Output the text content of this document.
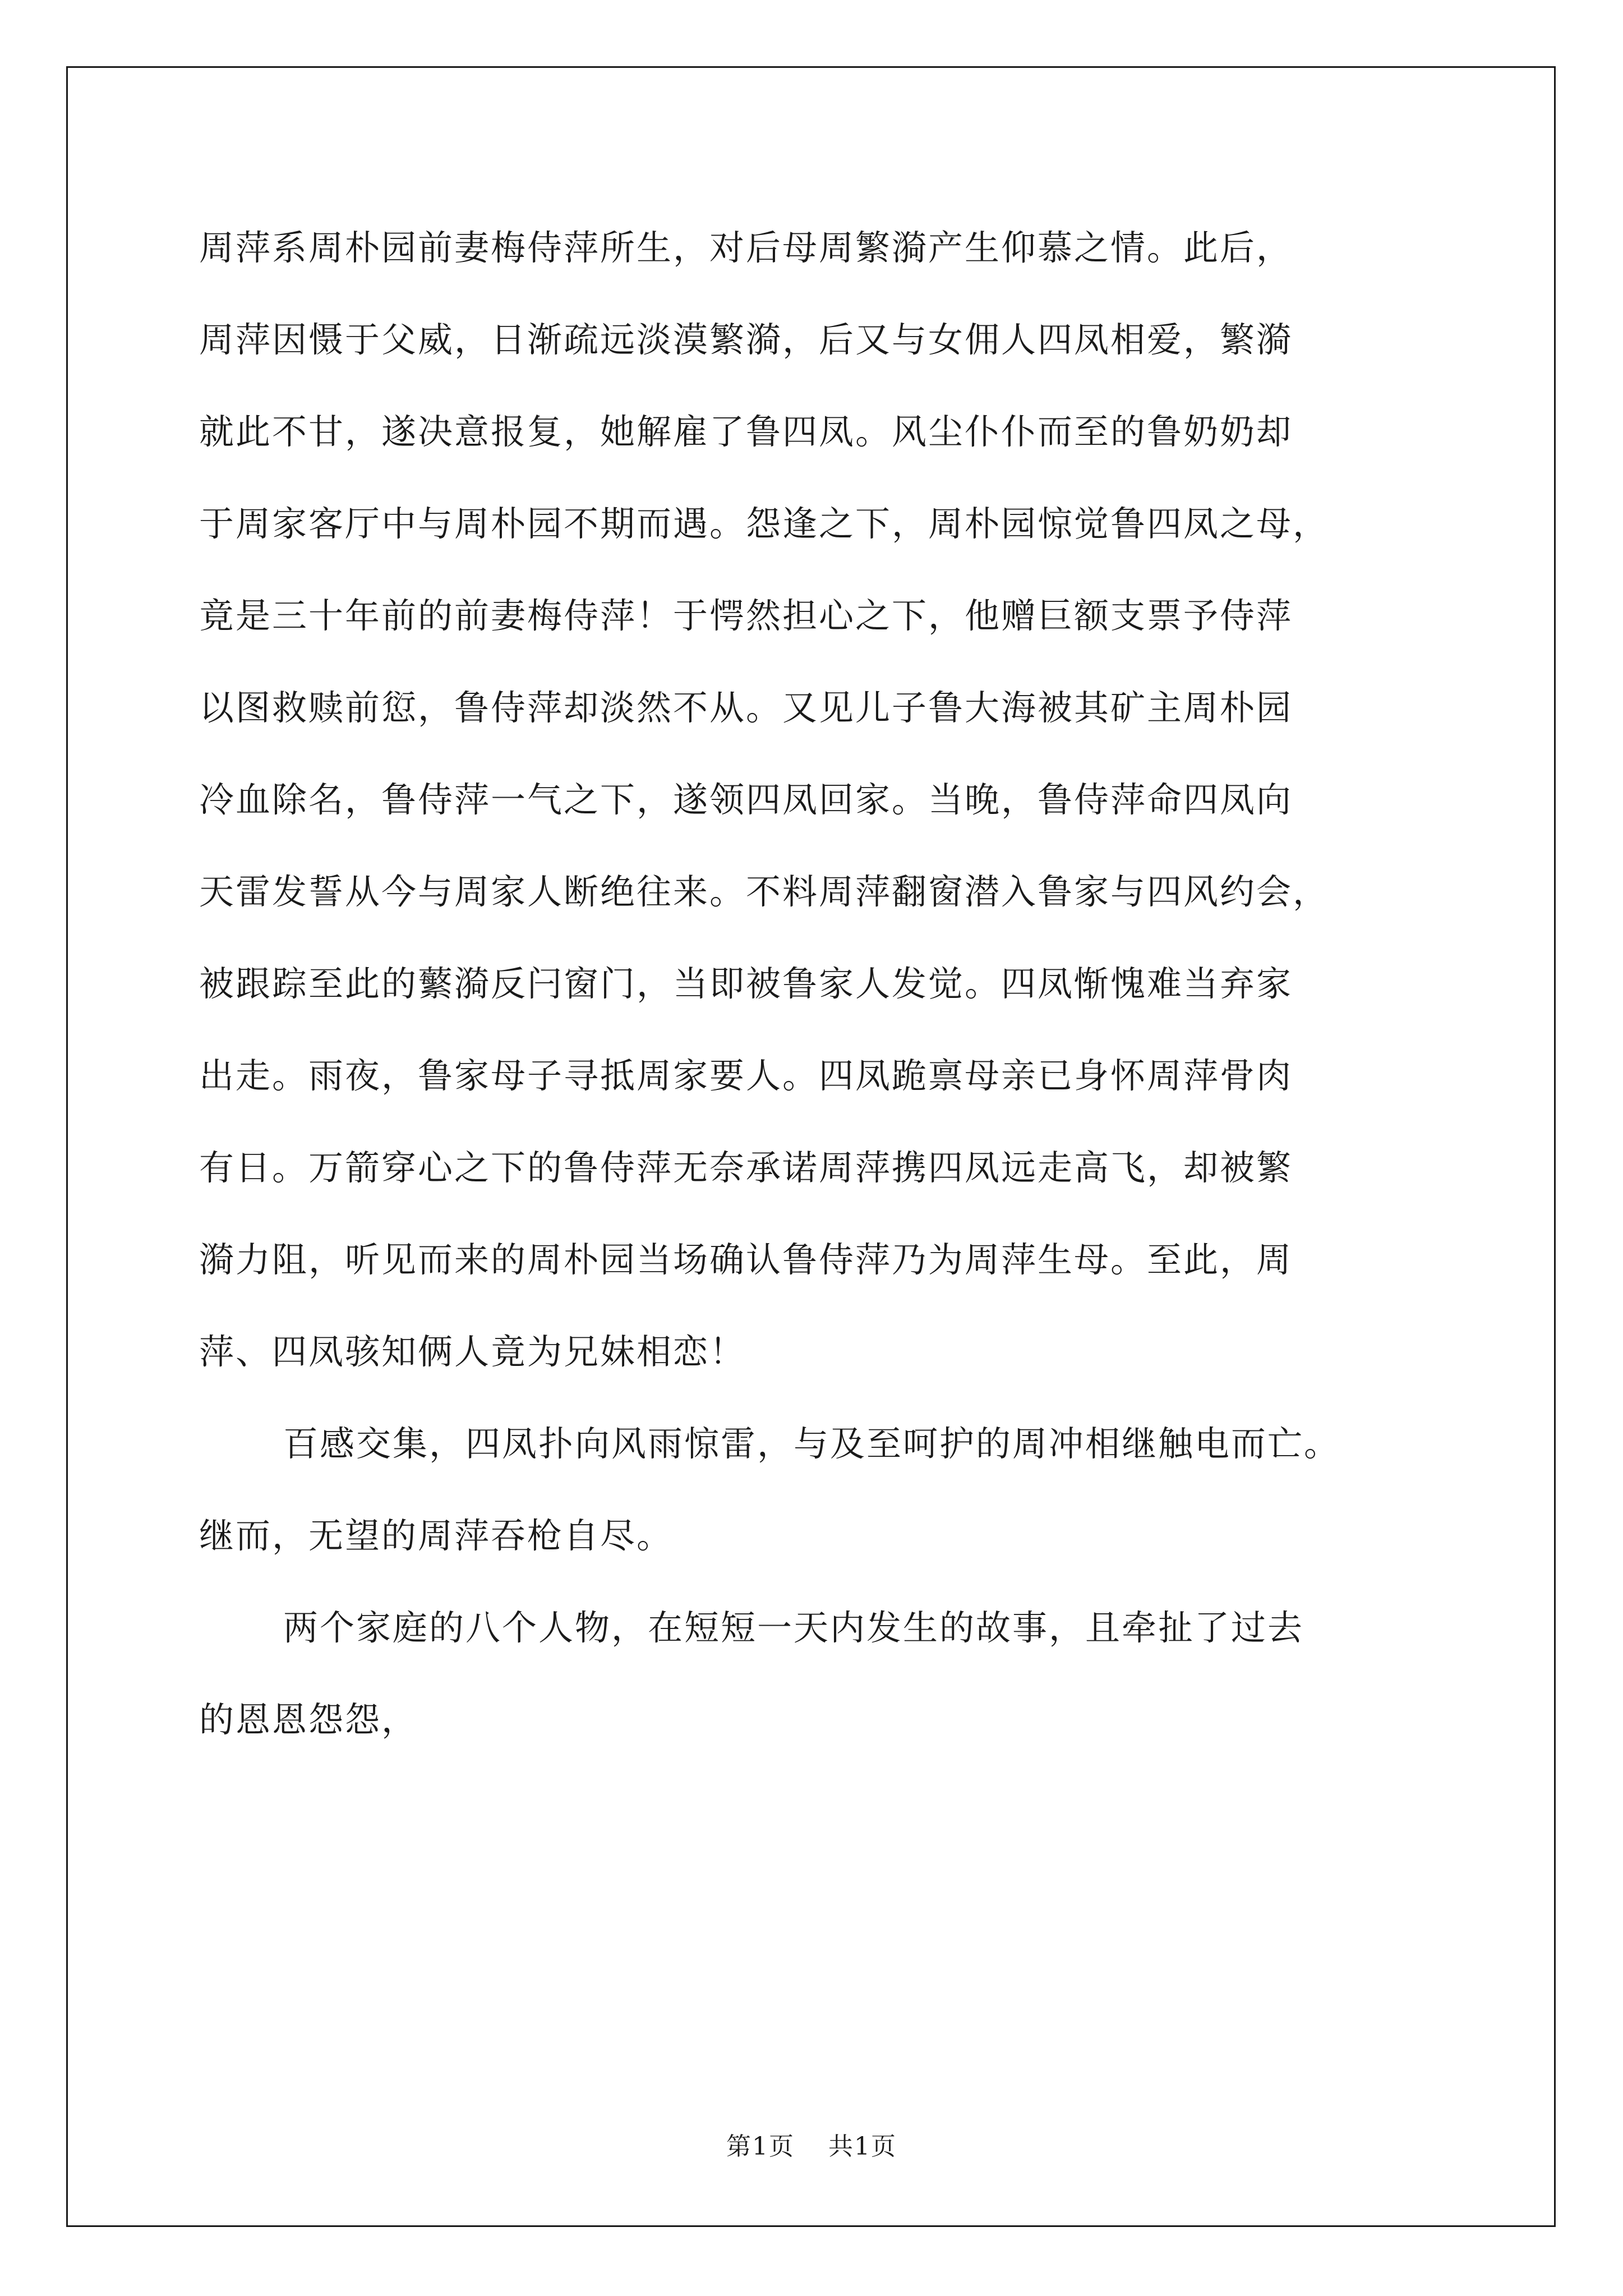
周萍系周朴园前妻梅侍萍所生，对后母周繁漪产生仰慕之情。此后，
周萍因慑于父威，日渐疏远淡漠繁漪，后又与女佣人四凤相爱，繁漪
就此不甘，遂决意报复，她解雇了鲁四凤。风尘仆仆而至的鲁奶奶却
于周家客厅中与周朴园不期而遇。怨逢之下，周朴园惊觉鲁四凤之母，
竟是三十年前的前妻梅侍萍！于愕然担心之下，他赠巨额支票予侍萍
以图救赎前愆，鲁侍萍却淡然不从。又见儿子鲁大海被其矿主周朴园
冷血除名，鲁侍萍一气之下，遂领四凤回家。当晚，鲁侍萍命四凤向
天雷发誓从今与周家人断绝往来。不料周萍翻窗潜入鲁家与四风约会，
被跟踪至此的蘩漪反闩窗门，当即被鲁家人发觉。四凤惭愧难当弃家
出走。雨夜，鲁家母子寻抵周家要人。四凤跪禀母亲已身怀周萍骨肉
有日。万箭穿心之下的鲁侍萍无奈承诺周萍携四凤远走高飞，却被繁
漪力阻，听见而来的周朴园当场确认鲁侍萍乃为周萍生母。至此，周
萍、四凤骇知俩人竟为兄妹相恋！
百感交集，四凤扑向风雨惊雷，与及至呵护的周冲相继触电而亡。
继而，无望的周萍吞枪自尽。
两个家庭的八个人物，在短短一天内发生的故事，且牵扯了过去
的恩恩怨怨，
第1页 共1页
